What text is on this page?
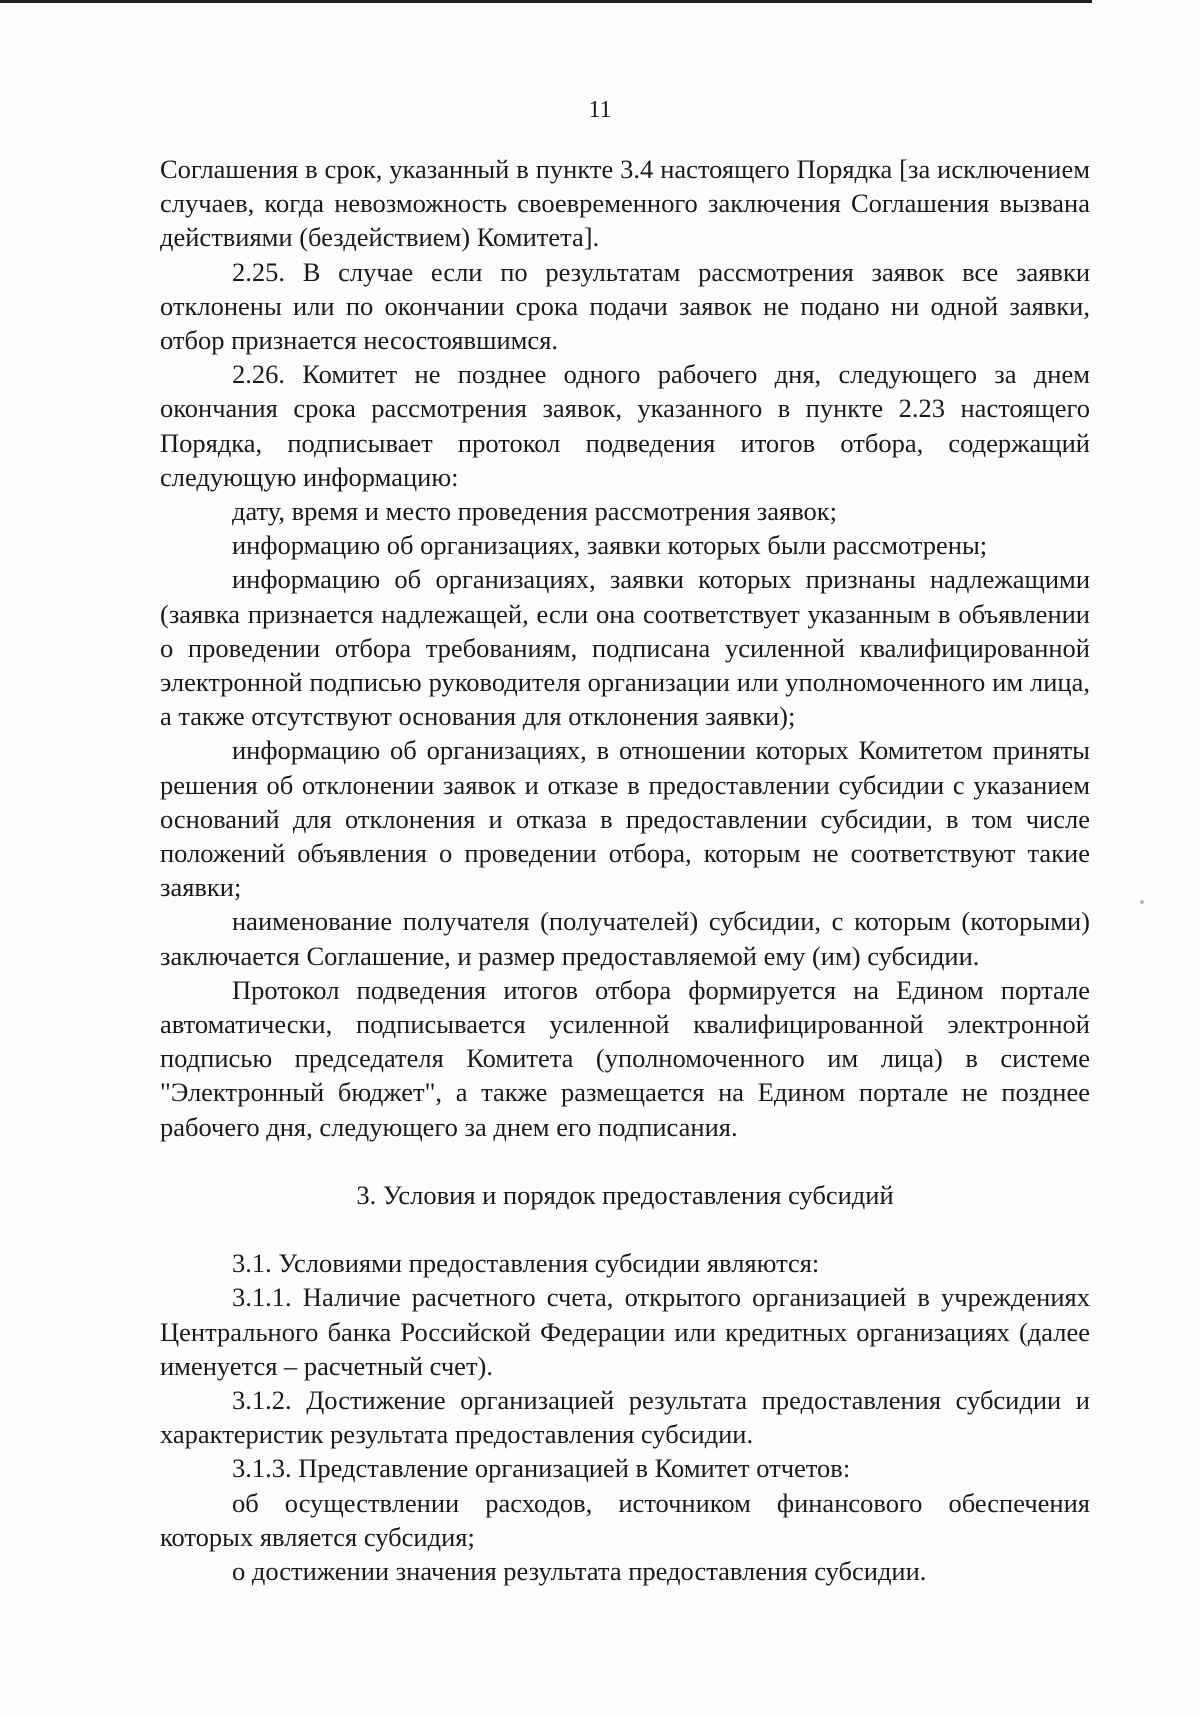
11

Соглашения в срок, указанный в пункте 3.4 настоящего Порядка [за исключением случаев, когда невозможность своевременного заключения Соглашения вызвана действиями (бездействием) Комитета].

2.25. В случае если по результатам рассмотрения заявок все заявки отклонены или по окончании срока подачи заявок не подано ни одной заявки, отбор признается несостоявшимся.

2.26. Комитет не позднее одного рабочего дня, следующего за днем окончания срока рассмотрения заявок, указанного в пункте 2.23 настоящего Порядка, подписывает протокол подведения итогов отбора, содержащий следующую информацию:

дату, время и место проведения рассмотрения заявок;

информацию об организациях, заявки которых были рассмотрены;

информацию об организациях, заявки которых признаны надлежащими (заявка признается надлежащей, если она соответствует указанным в объявлении о проведении отбора требованиям, подписана усиленной квалифицированной электронной подписью руководителя организации или уполномоченного им лица, а также отсутствуют основания для отклонения заявки);

информацию об организациях, в отношении которых Комитетом приняты решения об отклонении заявок и отказе в предоставлении субсидии с указанием оснований для отклонения и отказа в предоставлении субсидии, в том числе положений объявления о проведении отбора, которым не соответствуют такие заявки;

наименование получателя (получателей) субсидии, с которым (которыми) заключается Соглашение, и размер предоставляемой ему (им) субсидии.

Протокол подведения итогов отбора формируется на Едином портале автоматически, подписывается усиленной квалифицированной электронной подписью председателя Комитета (уполномоченного им лица) в системе "Электронный бюджет", а также размещается на Едином портале не позднее рабочего дня, следующего за днем его подписания.

3. Условия и порядок предоставления субсидий

3.1. Условиями предоставления субсидии являются:

3.1.1. Наличие расчетного счета, открытого организацией в учреждениях Центрального банка Российской Федерации или кредитных организациях (далее именуется – расчетный счет).

3.1.2. Достижение организацией результата предоставления субсидии и характеристик результата предоставления субсидии.

3.1.3. Представление организацией в Комитет отчетов:

об осуществлении расходов, источником финансового обеспечения которых является субсидия;

о достижении значения результата предоставления субсидии.
